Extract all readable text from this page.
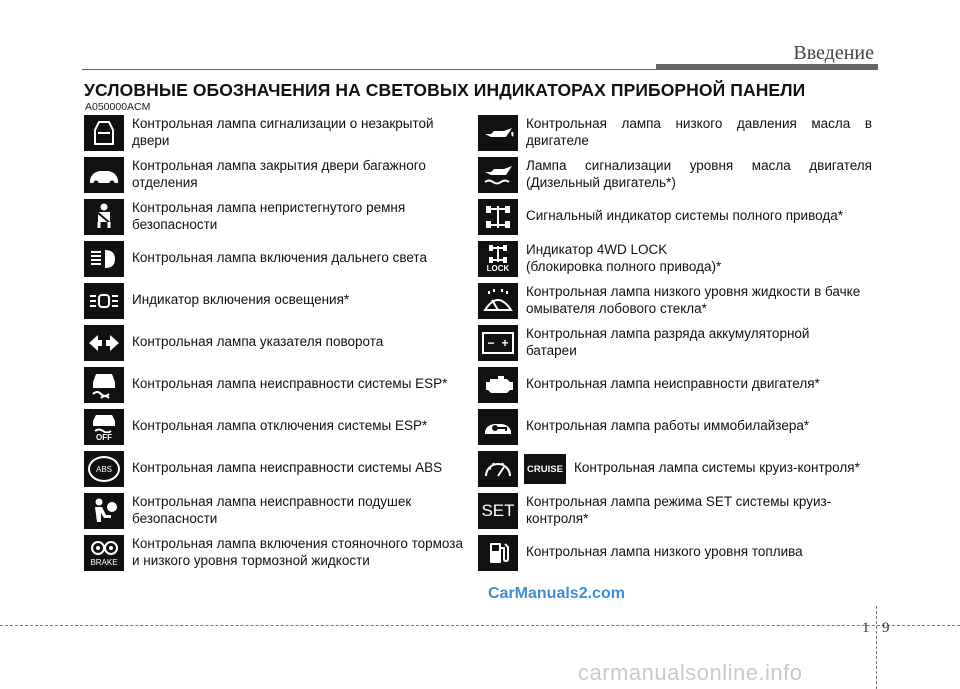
Введение
УСЛОВНЫЕ ОБОЗНАЧЕНИЯ НА СВЕТОВЫХ ИНДИКАТОРАХ ПРИБОРНОЙ ПАНЕЛИ
A050000ACM
Контрольная лампа сигнализации о незакрытой
двери
Контрольная лампа закрытия двери багажного
отделения
Контрольная лампа непристегнутого ремня
безопасности
Контрольная лампа включения дальнего света
Индикатор включения освещения*
Контрольная лампа указателя поворота
Контрольная лампа неисправности системы ESP*
OFF
Контрольная лампа отключения системы ESP*
ABS	Контрольная лампа неисправности системы ABS
Контрольная лампа неисправности подушек
безопасности
BRAKE
Контрольная лампа включения стояночного тормоза
и низкого уровня тормозной жидкости
Контрольная лампа низкого давления масла в
двигателе
Лампа сигнализации уровня масла двигателя
(Дизельный двигатель*)
Сигнальный индикатор системы полного привода*
LOCK
Индикатор 4WD LOCK
(блокировка полного привода)*
Контрольная лампа низкого уровня жидкости в бачке
омывателя лобового стекла*
− +
Контрольная лампа разряда аккумуляторной
батареи
Контрольная лампа неисправности двигателя*
Контрольная лампа работы иммобилайзера*
CRUISE Контрольная лампа системы круиз-контроля*
SET Контрольная лампа режима SET системы круиз-
контроля*
Контрольная лампа низкого уровня топлива
CarManuals2.com
1 9
carmanualsonline.info
